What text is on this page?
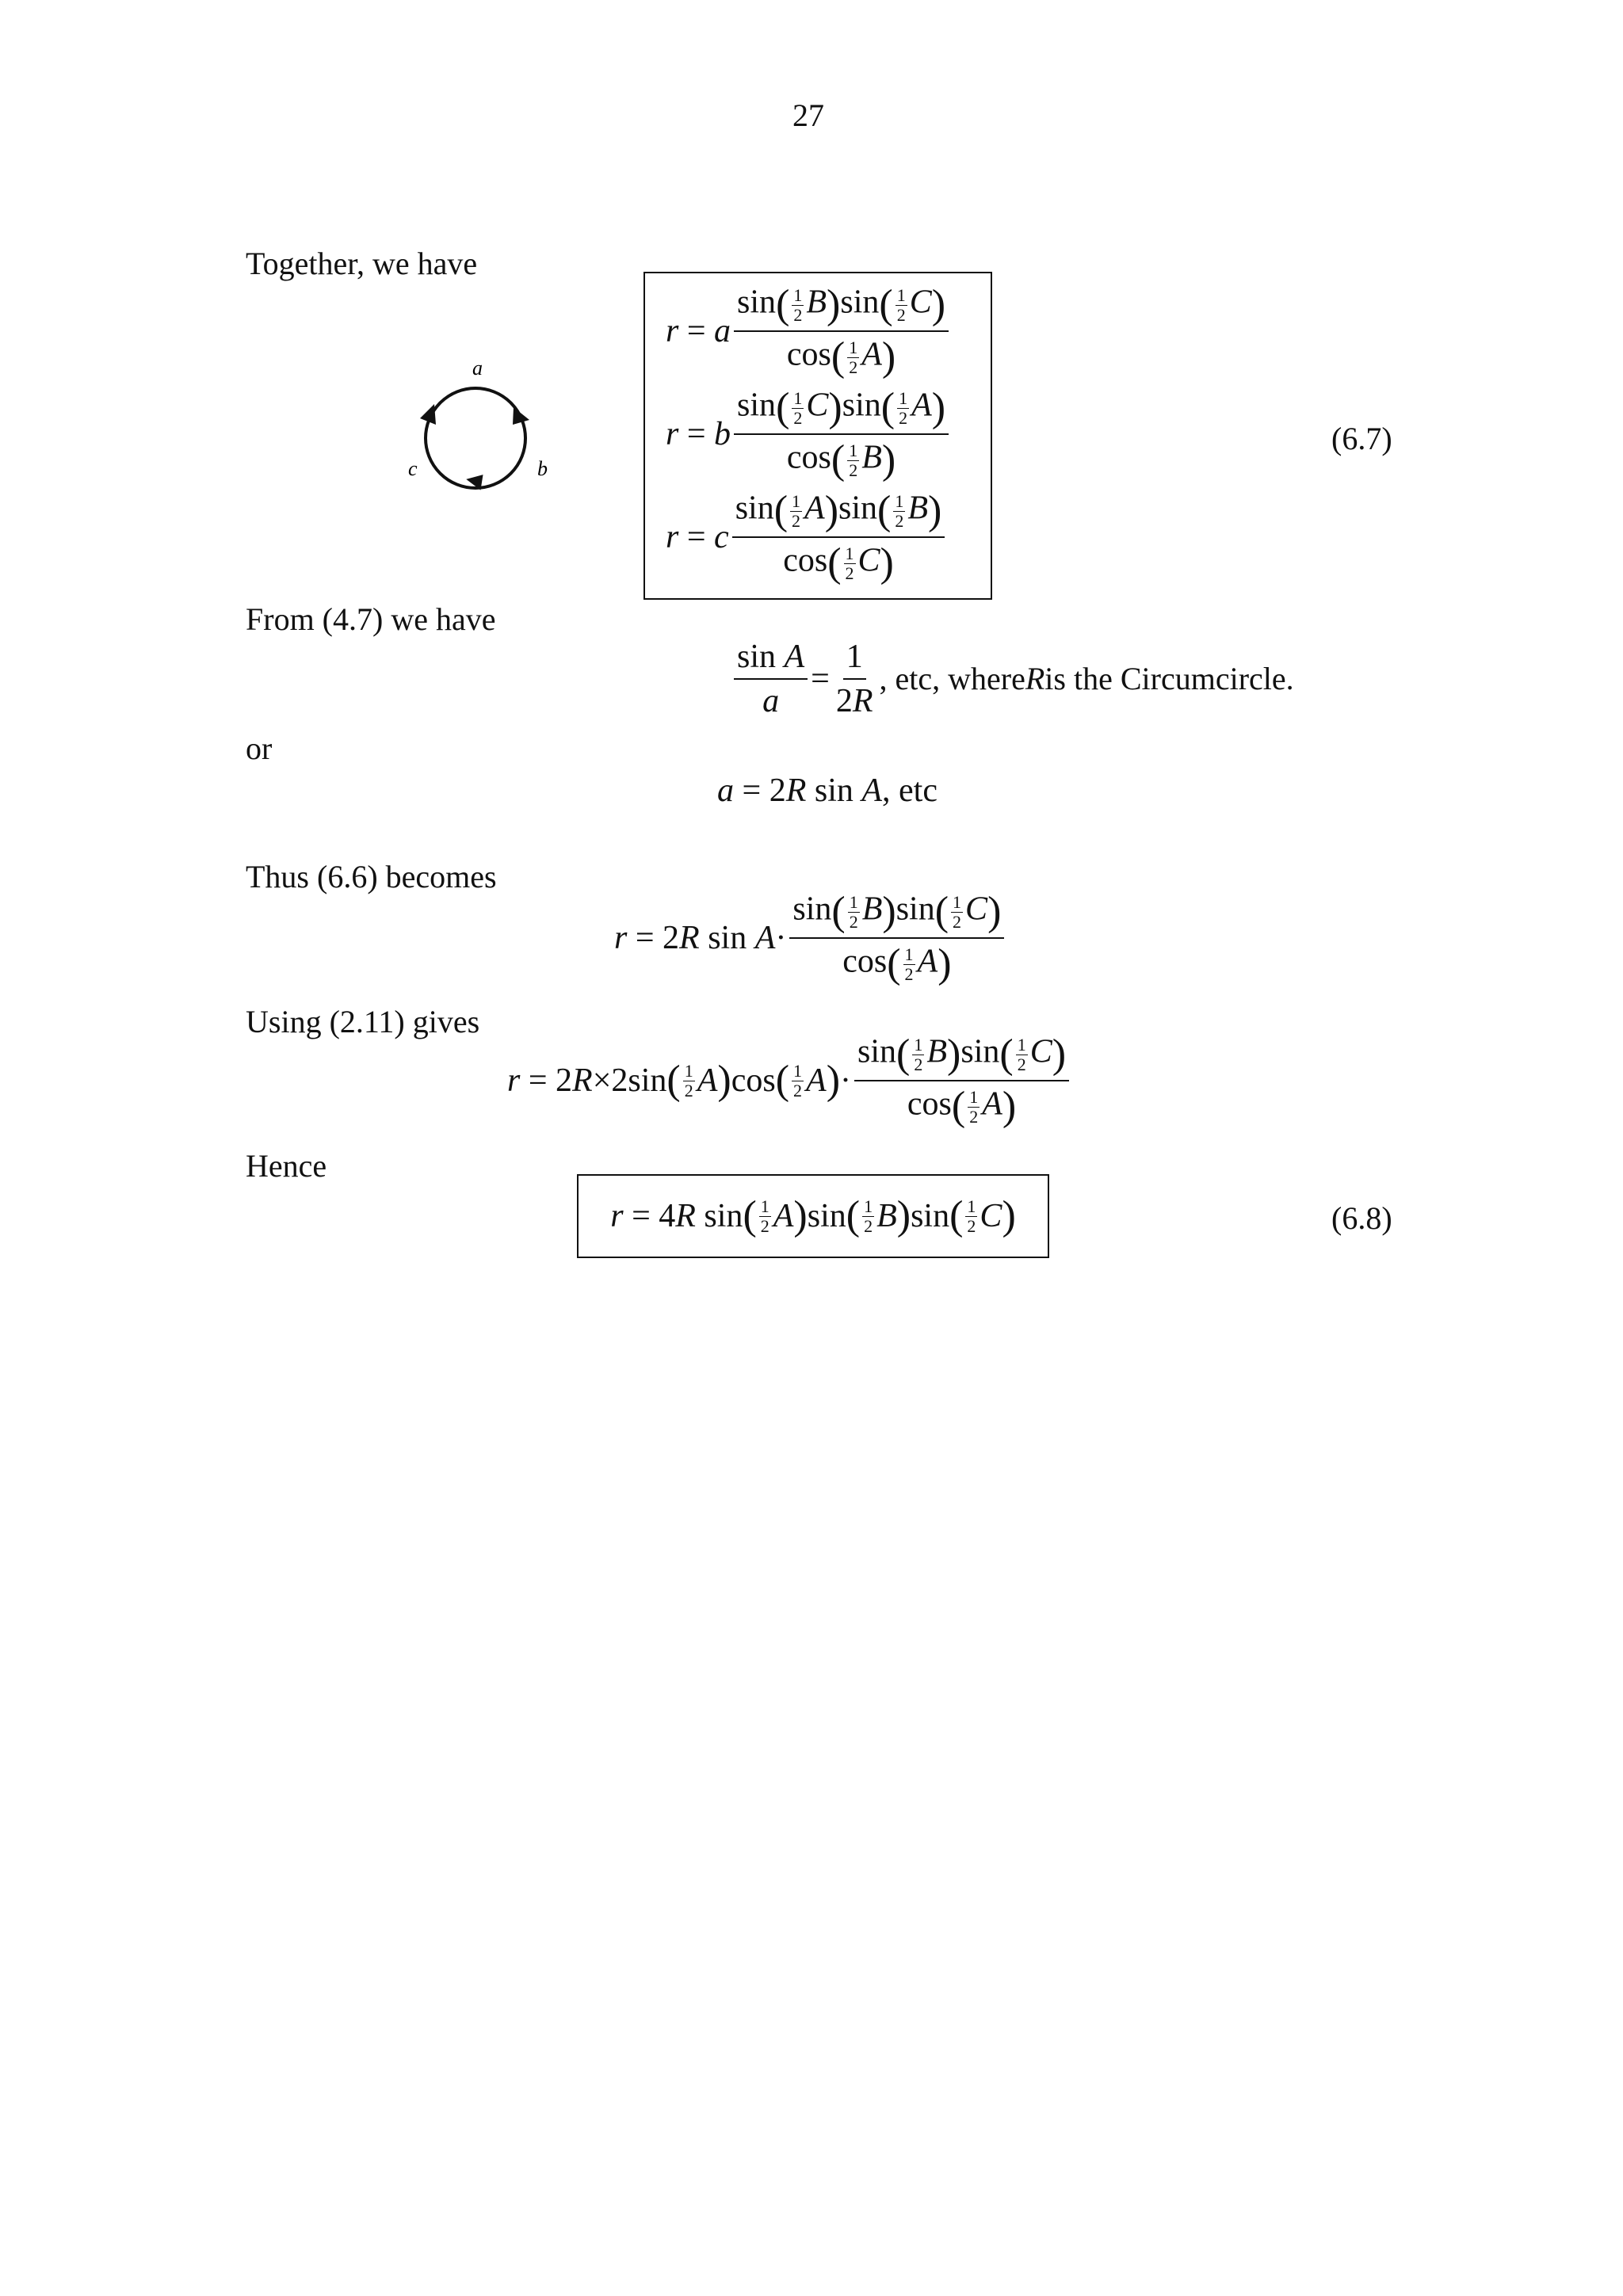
27
Together, we have
a
b
c
r
=
a $\frac{\sin( \frac{1}{2} B)\sin( \frac{1}{2} C)}{\cos( \frac{1}{2} A)}$
r
=
b $\frac{\sin( \frac{1}{2} C)\sin( \frac{1}{2} A)}{\cos( \frac{1}{2} B)}$
r
=
c $\frac{\sin( \frac{1}{2} A)\sin( \frac{1}{2} B)}{\cos( \frac{1}{2} C)}$
(6.7)
From (4.7) we have
$\frac{\text{sin A}}{a} = \frac{1}{2R}$ , etc, where R is the Circumcircle.
or
a = 2R sin A, etc
Thus (6.6) becomes
r
=
2 R
sin
$A \cdot \frac{\sin( \frac{1}{2} B)\sin( \frac{1}{2} C)}{\cos( \frac{1}{2} A)}$
Using (2.11) gives
r
=
2 R × 2 sin ( 1
2 A ) cos ( 1
2 A ) · $\frac{\sin( \frac{1}{2} B)\sin( \frac{1}{2} C)}{\cos( \frac{1}{2} A)}$
Hence
r
=
4 R
sin ( 1
2 A ) sin ( 1
2 B ) sin ( 1
2 C )	(6.8)
